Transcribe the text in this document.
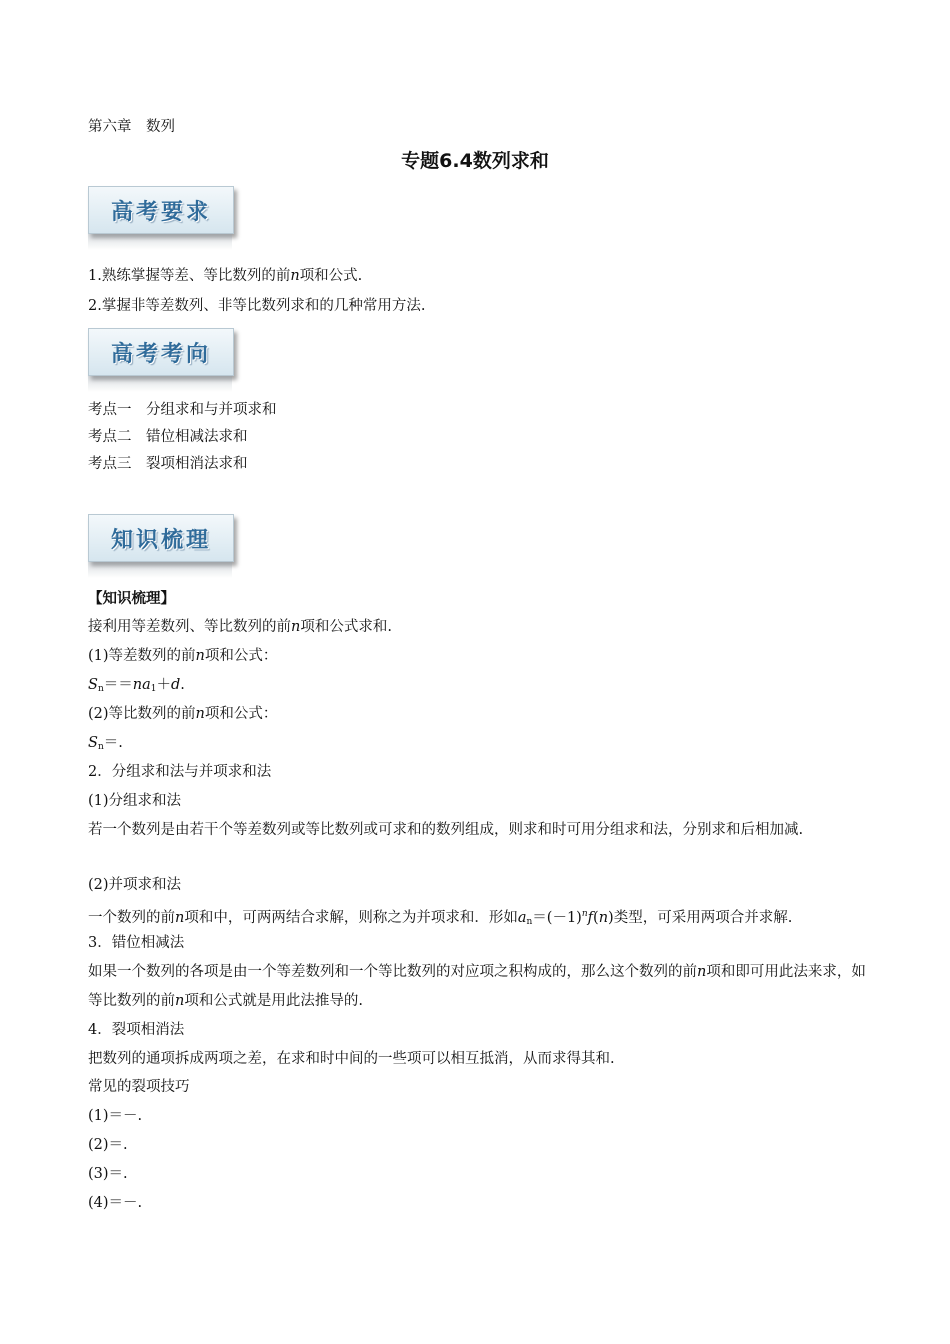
第六章　数列
专题6.4数列求和
高考要求
1.熟练掌握等差、等比数列的前n项和公式.
2.掌握非等差数列、非等比数列求和的几种常用方法.
高考考向
考点一　分组求和与并项求和
考点二　错位相减法求和
考点三　裂项相消法求和
知识梳理
【知识梳理】
接利用等差数列、等比数列的前n项和公式求和.
(1)等差数列的前n项和公式：
$S_n==na_1+d$.
(2)等比数列的前n项和公式：
$S_n=$.
2．分组求和法与并项求和法
(1)分组求和法
若一个数列是由若干个等差数列或等比数列或可求和的数列组成，则求和时可用分组求和法，分别求和后相加减.
(2)并项求和法
一个数列的前n项和中，可两两结合求解，则称之为并项求和．形如$a_n=(-1)^nf(n)$类型，可采用两项合并求解.
3．错位相减法
如果一个数列的各项是由一个等差数列和一个等比数列的对应项之积构成的，那么这个数列的前n项和即可用此法来求，如等比数列的前n项和公式就是用此法推导的.
4．裂项相消法
把数列的通项拆成两项之差，在求和时中间的一些项可以相互抵消，从而求得其和.
常见的裂项技巧
(1)＝－.
(2)＝.
(3)＝.
(4)＝－.
